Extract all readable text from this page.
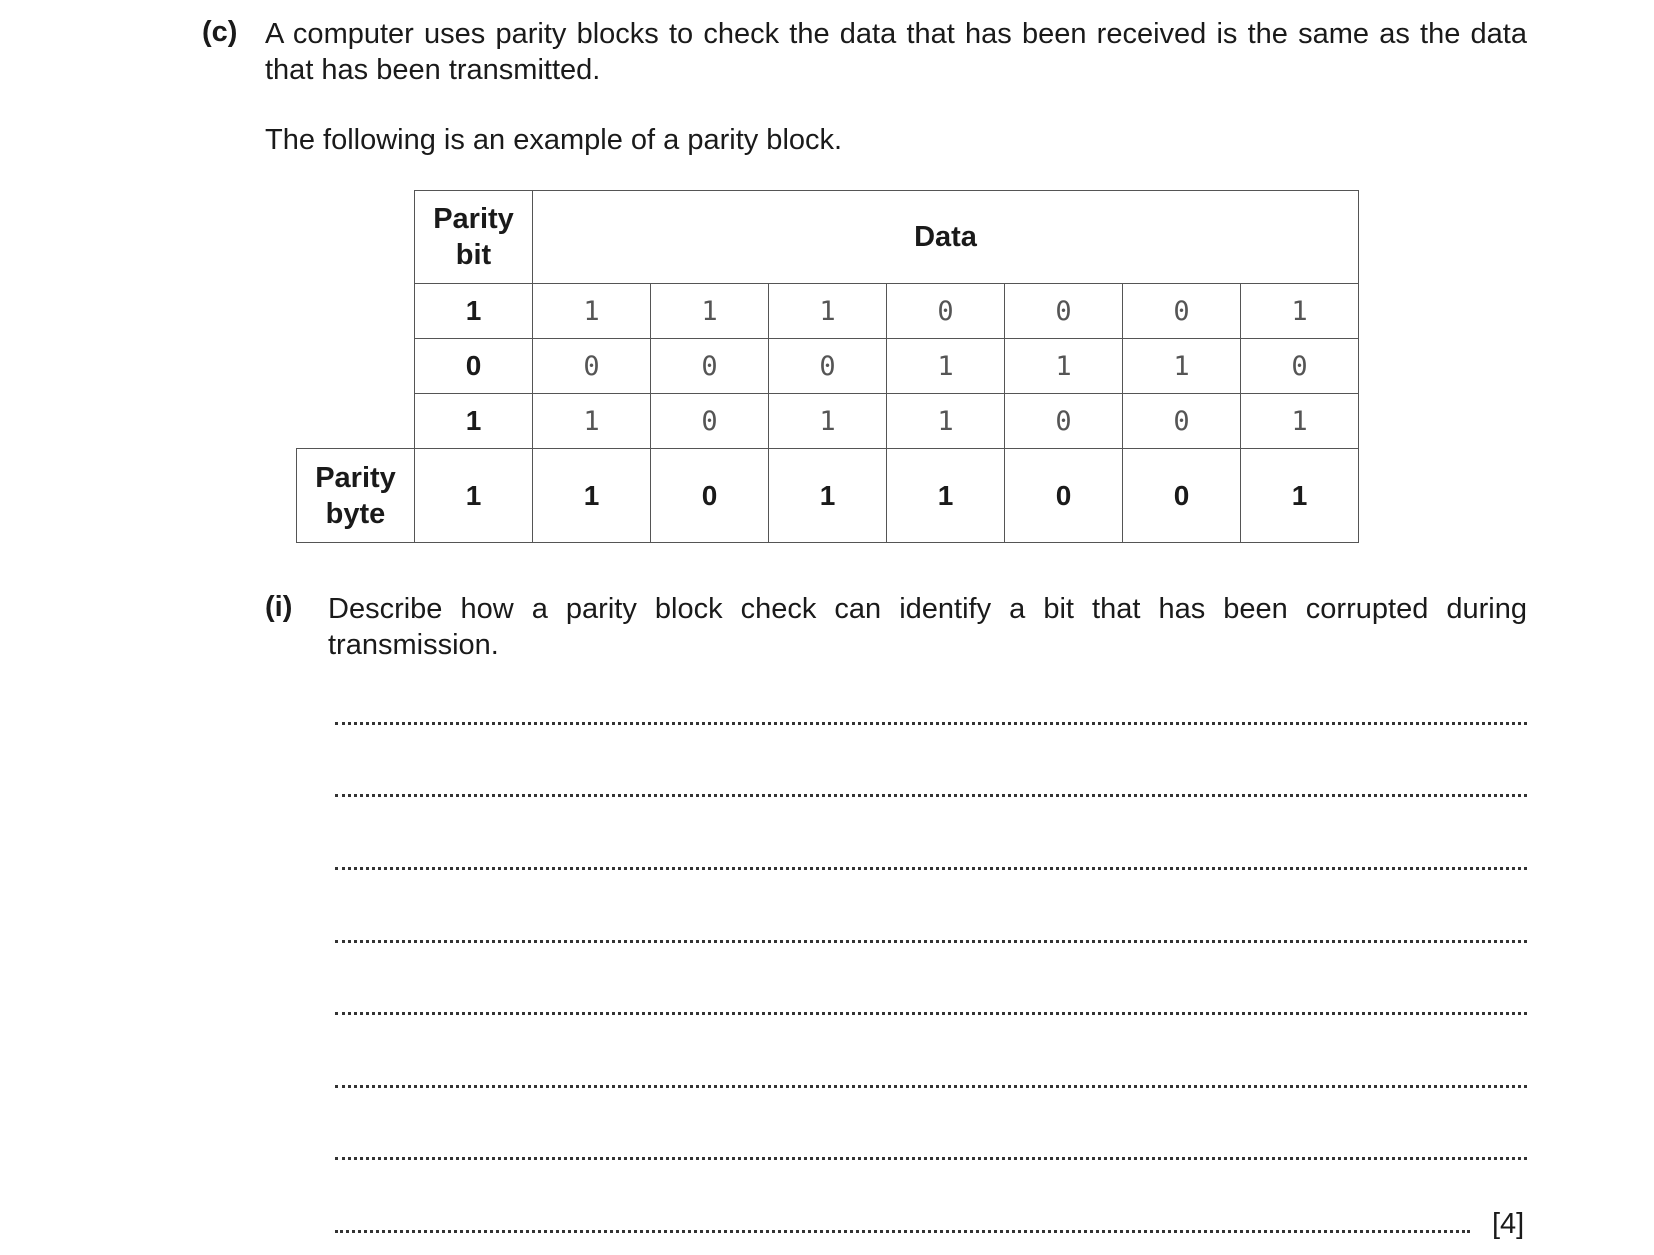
(c) A computer uses parity blocks to check the data that has been received is the same as the data that has been transmitted.
The following is an example of a parity block.
	Parity bit	Data						
	1	1	1	1	0	0	0	1
	0	0	0	0	1	1	1	0
	1	1	0	1	1	0	0	1
Parity byte	1	1	0	1	1	0	0	1
(i) Describe how a parity block check can identify a bit that has been corrupted during transmission.
[4]
